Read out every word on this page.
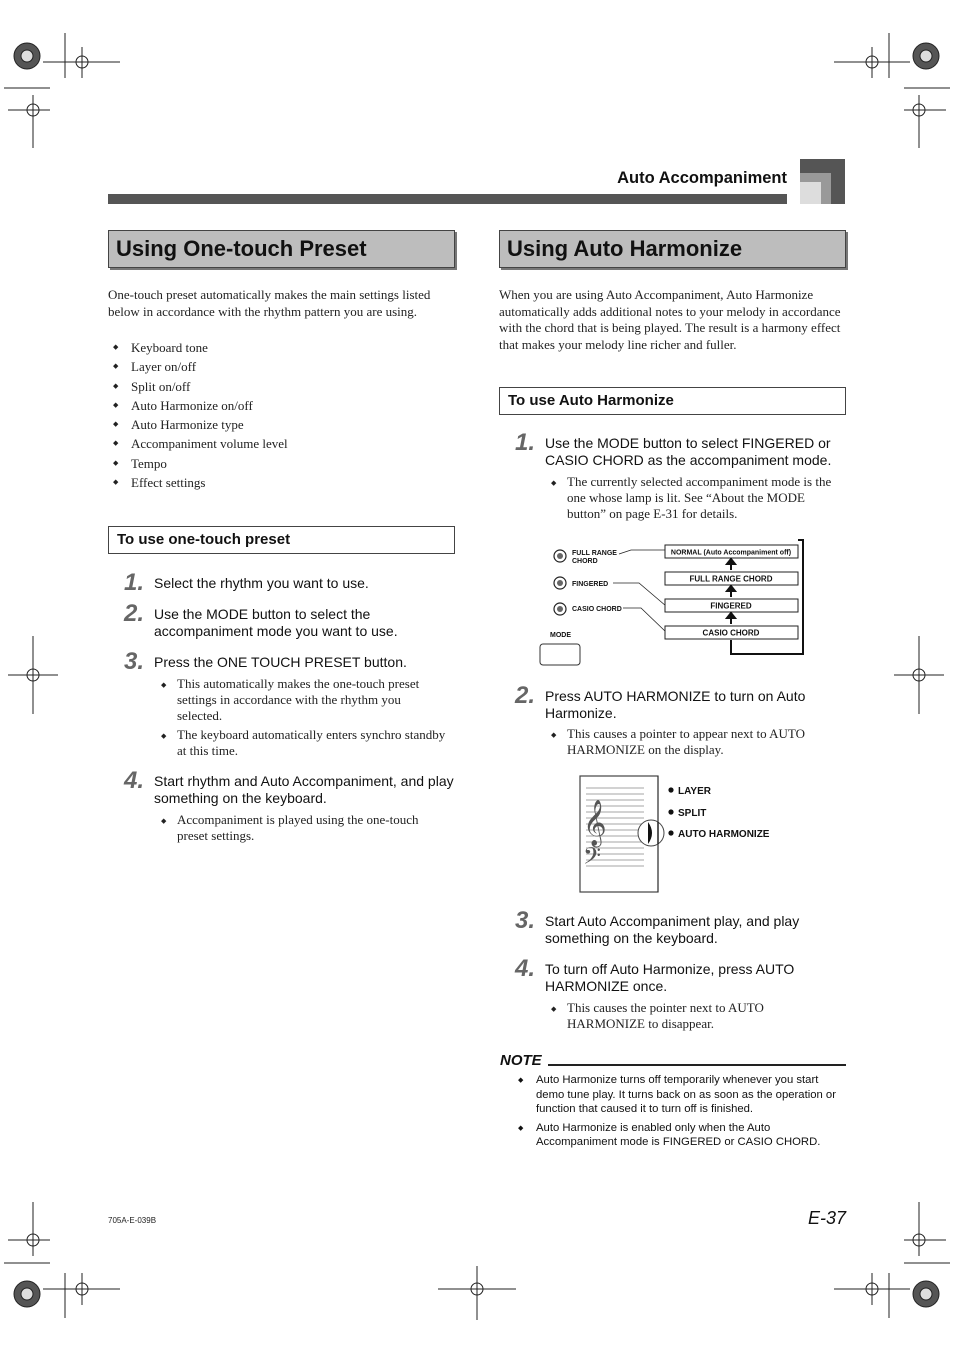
Auto Accompaniment
Using One-touch Preset
One-touch preset automatically makes the main settings listed below in accordance with the rhythm pattern you are using.
◆ Keyboard tone
◆ Layer on/off
◆ Split on/off
◆ Auto Harmonize on/off
◆ Auto Harmonize type
◆ Accompaniment volume level
◆ Tempo
◆ Effect settings
To use one-touch preset
1. Select the rhythm you want to use.
2. Use the MODE button to select the accompaniment mode you want to use.
3. Press the ONE TOUCH PRESET button.
◆ This automatically makes the one-touch preset settings in accordance with the rhythm you selected.
◆ The keyboard automatically enters synchro standby at this time.
4. Start rhythm and Auto Accompaniment, and play something on the keyboard.
◆ Accompaniment is played using the one-touch preset settings.
Using Auto Harmonize
When you are using Auto Accompaniment, Auto Harmonize automatically adds additional notes to your melody in accordance with the chord that is being played. The result is a harmony effect that makes your melody line richer and fuller.
To use Auto Harmonize
1. Use the MODE button to select FINGERED or CASIO CHORD as the accompaniment mode.
◆ The currently selected accompaniment mode is the one whose lamp is lit. See “About the MODE button” on page E-31 for details.
FULL RANGE
CHORD
FINGERED
CASIO CHORD
MODE
NORMAL (Auto Accompaniment off)
FULL RANGE CHORD
FINGERED
CASIO CHORD
2. Press AUTO HARMONIZE to turn on Auto Harmonize.
◆ This causes a pointer to appear next to AUTO HARMONIZE on the display.
𝄞
𝄢
LAYER
SPLIT
AUTO HARMONIZE
3. Start Auto Accompaniment play, and play something on the keyboard.
4. To turn off Auto Harmonize, press AUTO HARMONIZE once.
◆ This causes the pointer next to AUTO HARMONIZE to disappear.
NOTE
◆ Auto Harmonize turns off temporarily whenever you start demo tune play. It turns back on as soon as the operation or function that caused it to turn off is finished.
◆ Auto Harmonize is enabled only when the Auto Accompaniment mode is FINGERED or CASIO CHORD.
705A-E-039B	E-37
